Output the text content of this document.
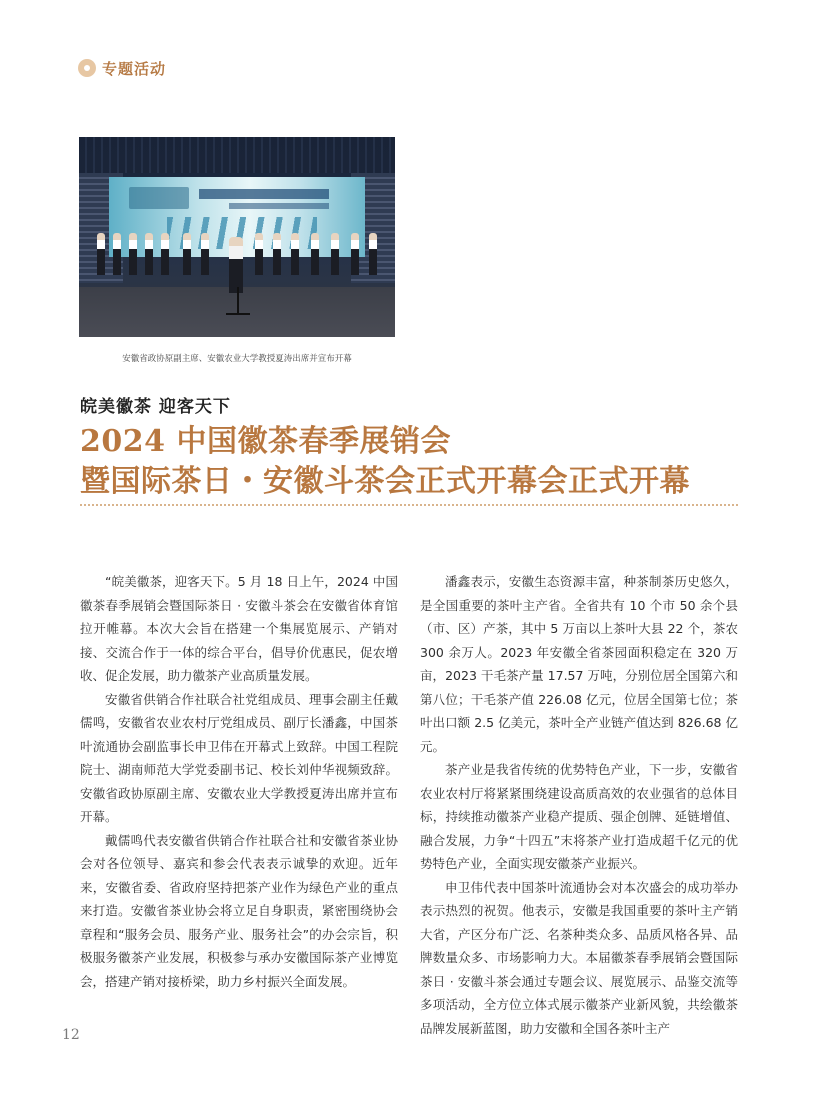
专题活动
安徽省政协原副主席、安徽农业大学教授夏涛出席并宣布开幕
皖美徽茶 迎客天下
2024 中国徽茶春季展销会
暨国际茶日・安徽斗茶会正式开幕会正式开幕

“皖美徽茶，迎客天下。5 月 18 日上午，2024 中国徽茶春季展销会暨国际茶日 · 安徽斗茶会在安徽省体育馆拉开帷幕。本次大会旨在搭建一个集展览展示、产销对接、交流合作于一体的综合平台，倡导价优惠民，促农增收、促企发展，助力徽茶产业高质量发展。

安徽省供销合作社联合社党组成员、理事会副主任戴儒鸣，安徽省农业农村厅党组成员、副厅长潘鑫，中国茶叶流通协会副监事长申卫伟在开幕式上致辞。中国工程院院士、湖南师范大学党委副书记、校长刘仲华视频致辞。安徽省政协原副主席、安徽农业大学教授夏涛出席并宣布开幕。

戴儒鸣代表安徽省供销合作社联合社和安徽省茶业协会对各位领导、嘉宾和参会代表表示诚挚的欢迎。近年来，安徽省委、省政府坚持把茶产业作为绿色产业的重点来打造。安徽省茶业协会将立足自身职责，紧密围绕协会章程和“服务会员、服务产业、服务社会”的办会宗旨，积极服务徽茶产业发展，积极参与承办安徽国际茶产业博览会，搭建产销对接桥梁，助力乡村振兴全面发展。

潘鑫表示，安徽生态资源丰富，种茶制茶历史悠久，是全国重要的茶叶主产省。全省共有 10 个市 50 余个县（市、区）产茶，其中 5 万亩以上茶叶大县 22 个，茶农 300 余万人。2023 年安徽全省茶园面积稳定在 320 万亩，2023 干毛茶产量 17.57 万吨，分别位居全国第六和第八位；干毛茶产值 226.08 亿元，位居全国第七位；茶叶出口额 2.5 亿美元，茶叶全产业链产值达到 826.68 亿元。

茶产业是我省传统的优势特色产业，下一步，安徽省农业农村厅将紧紧围绕建设高质高效的农业强省的总体目标，持续推动徽茶产业稳产提质、强企创牌、延链增值、融合发展，力争“十四五”末将茶产业打造成超千亿元的优势特色产业，全面实现安徽茶产业振兴。

申卫伟代表中国茶叶流通协会对本次盛会的成功举办表示热烈的祝贺。他表示，安徽是我国重要的茶叶主产销大省，产区分布广泛、名茶种类众多、品质风格各异、品牌数量众多、市场影响力大。本届徽茶春季展销会暨国际茶日 · 安徽斗茶会通过专题会议、展览展示、品鉴交流等多项活动，全方位立体式展示徽茶产业新风貌，共绘徽茶品牌发展新蓝图，助力安徽和全国各茶叶主产

12
